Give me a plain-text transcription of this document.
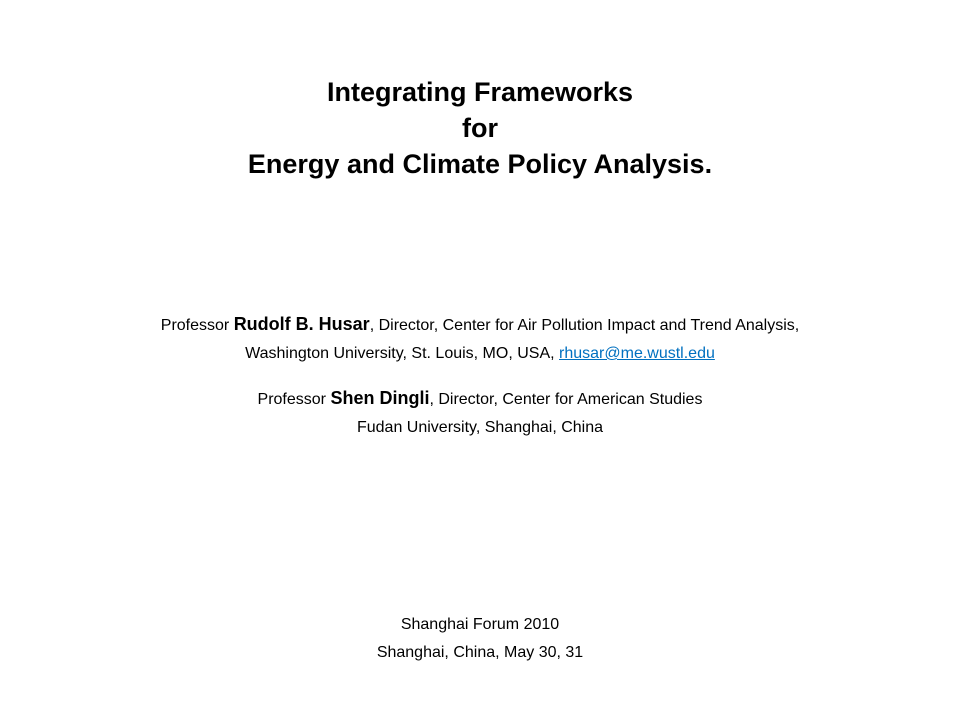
Integrating Frameworks
for
Energy and Climate Policy Analysis.
Professor Rudolf B. Husar, Director, Center for Air Pollution Impact and Trend Analysis,
Washington University, St. Louis, MO, USA, rhusar@me.wustl.edu
Professor Shen Dingli, Director, Center for American Studies
Fudan University, Shanghai, China
Shanghai Forum 2010
Shanghai, China, May 30, 31
